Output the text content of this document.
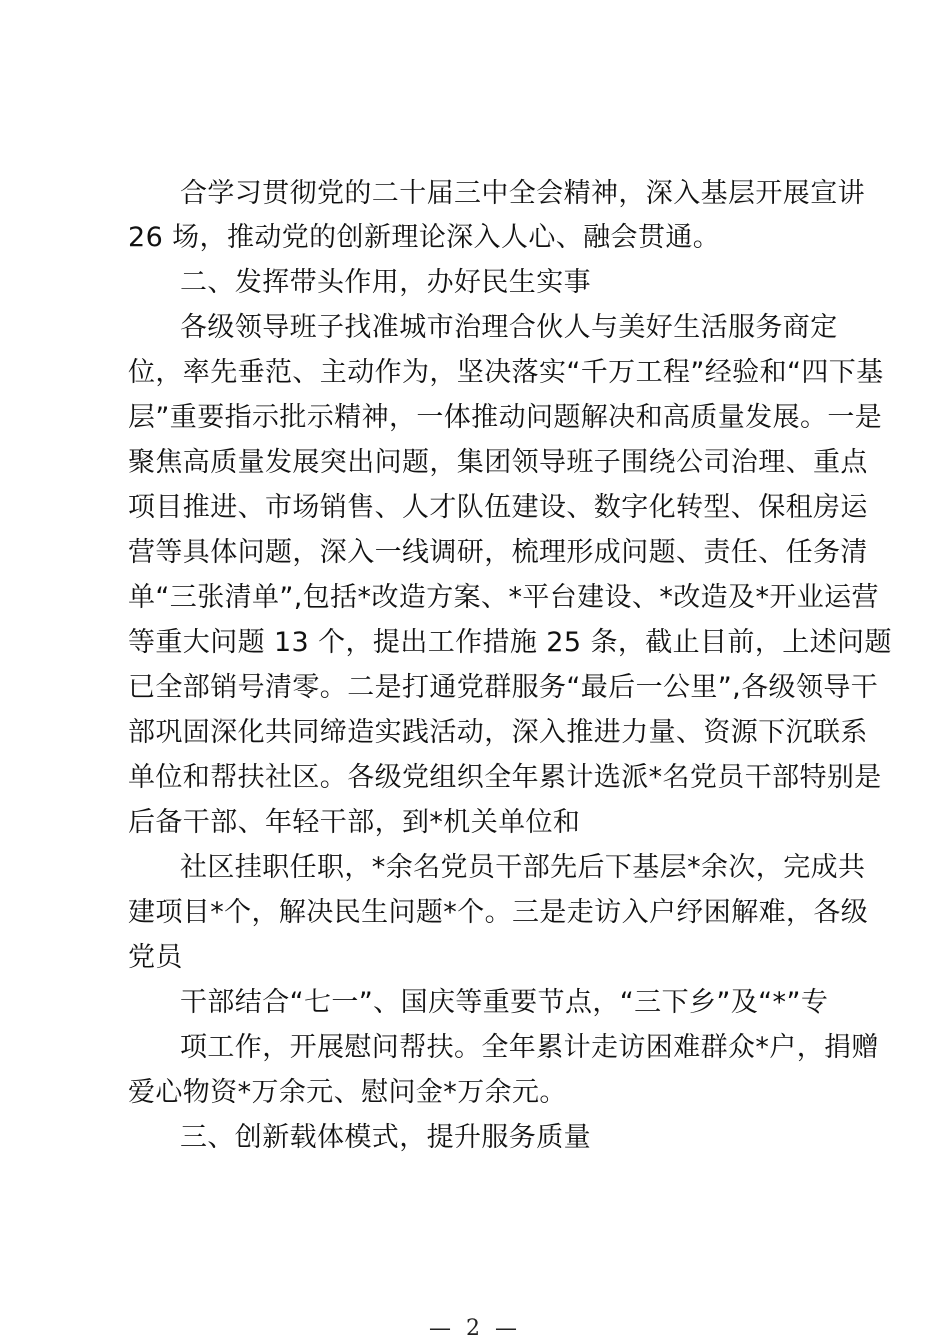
合学习贯彻党的二十届三中全会精神，深入基层开展宣讲
26 场，推动党的创新理论深入人心、融会贯通。
二、发挥带头作用，办好民生实事
各级领导班子找准城市治理合伙人与美好生活服务商定
位，率先垂范、主动作为，坚决落实“千万工程”经验和“四下基
层”重要指示批示精神，一体推动问题解决和高质量发展。一是
聚焦高质量发展突出问题，集团领导班子围绕公司治理、重点
项目推进、市场销售、人才队伍建设、数字化转型、保租房运
营等具体问题，深入一线调研，梳理形成问题、责任、任务清
单“三张清单”,包括*改造方案、*平台建设、*改造及*开业运营
等重大问题 13 个，提出工作措施 25 条，截止目前，上述问题
已全部销号清零。二是打通党群服务“最后一公里”,各级领导干
部巩固深化共同缔造实践活动，深入推进力量、资源下沉联系
单位和帮扶社区。各级党组织全年累计选派*名党员干部特别是
后备干部、年轻干部，到*机关单位和
社区挂职任职，*余名党员干部先后下基层*余次，完成共
建项目*个，解决民生问题*个。三是走访入户纾困解难，各级
党员
干部结合“七一”、国庆等重要节点，“三下乡”及“*”专
项工作，开展慰问帮扶。全年累计走访困难群众*户，捐赠
爱心物资*万余元、慰问金*万余元。
三、创新载体模式，提升服务质量
— 2 —
